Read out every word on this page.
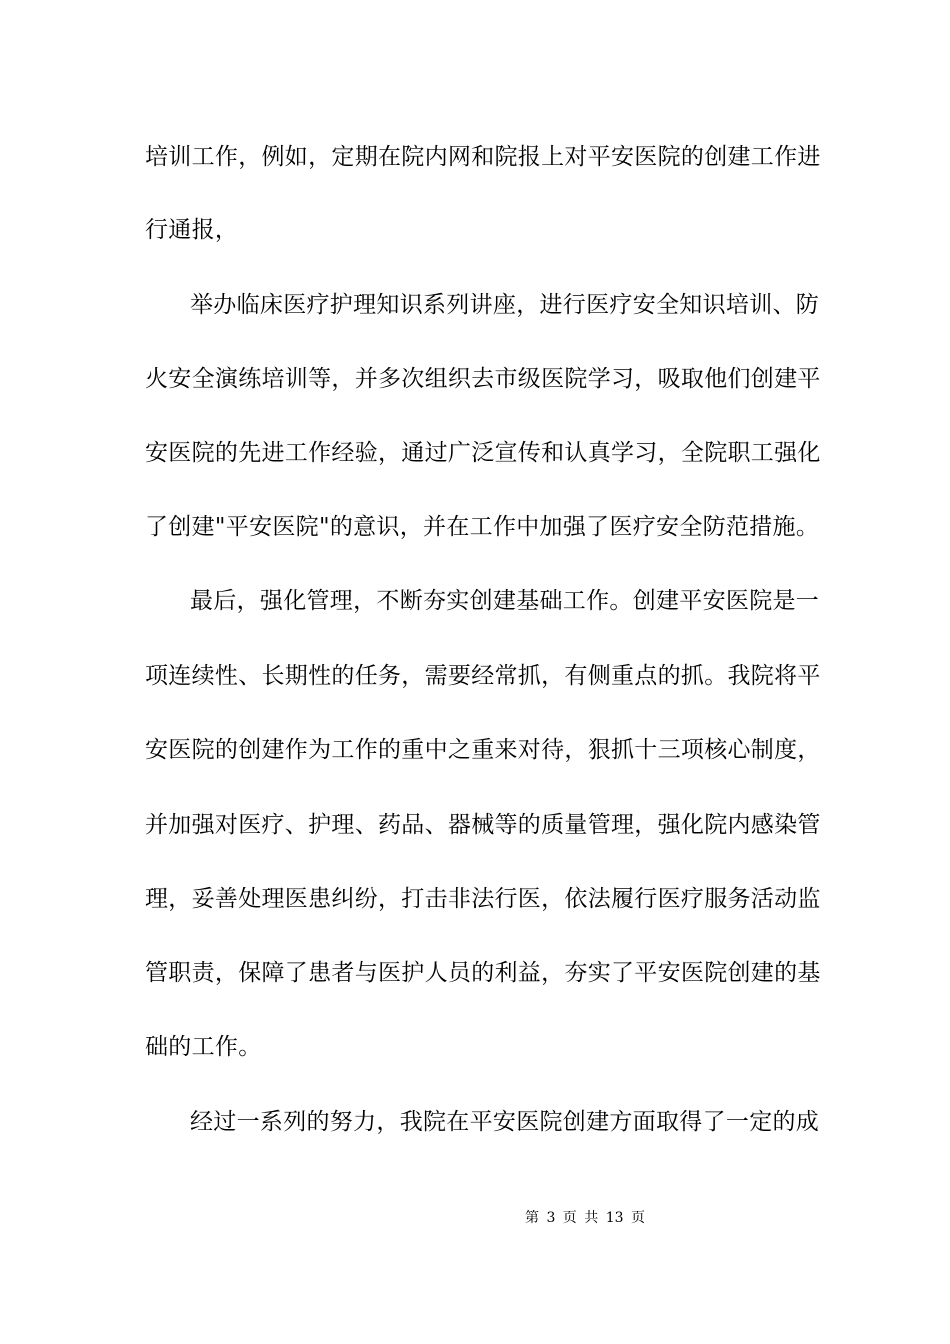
培训工作，例如，定期在院内网和院报上对平安医院的创建工作进
行通报，
举办临床医疗护理知识系列讲座，进行医疗安全知识培训、防
火安全演练培训等，并多次组织去市级医院学习，吸取他们创建平
安医院的先进工作经验，通过广泛宣传和认真学习，全院职工强化
了创建"平安医院"的意识，并在工作中加强了医疗安全防范措施。
最后，强化管理，不断夯实创建基础工作。创建平安医院是一
项连续性、长期性的任务，需要经常抓，有侧重点的抓。我院将平
安医院的创建作为工作的重中之重来对待，狠抓十三项核心制度，
并加强对医疗、护理、药品、器械等的质量管理，强化院内感染管
理，妥善处理医患纠纷，打击非法行医，依法履行医疗服务活动监
管职责，保障了患者与医护人员的利益，夯实了平安医院创建的基
础的工作。
经过一系列的努力，我院在平安医院创建方面取得了一定的成
第 3 页 共 13 页
